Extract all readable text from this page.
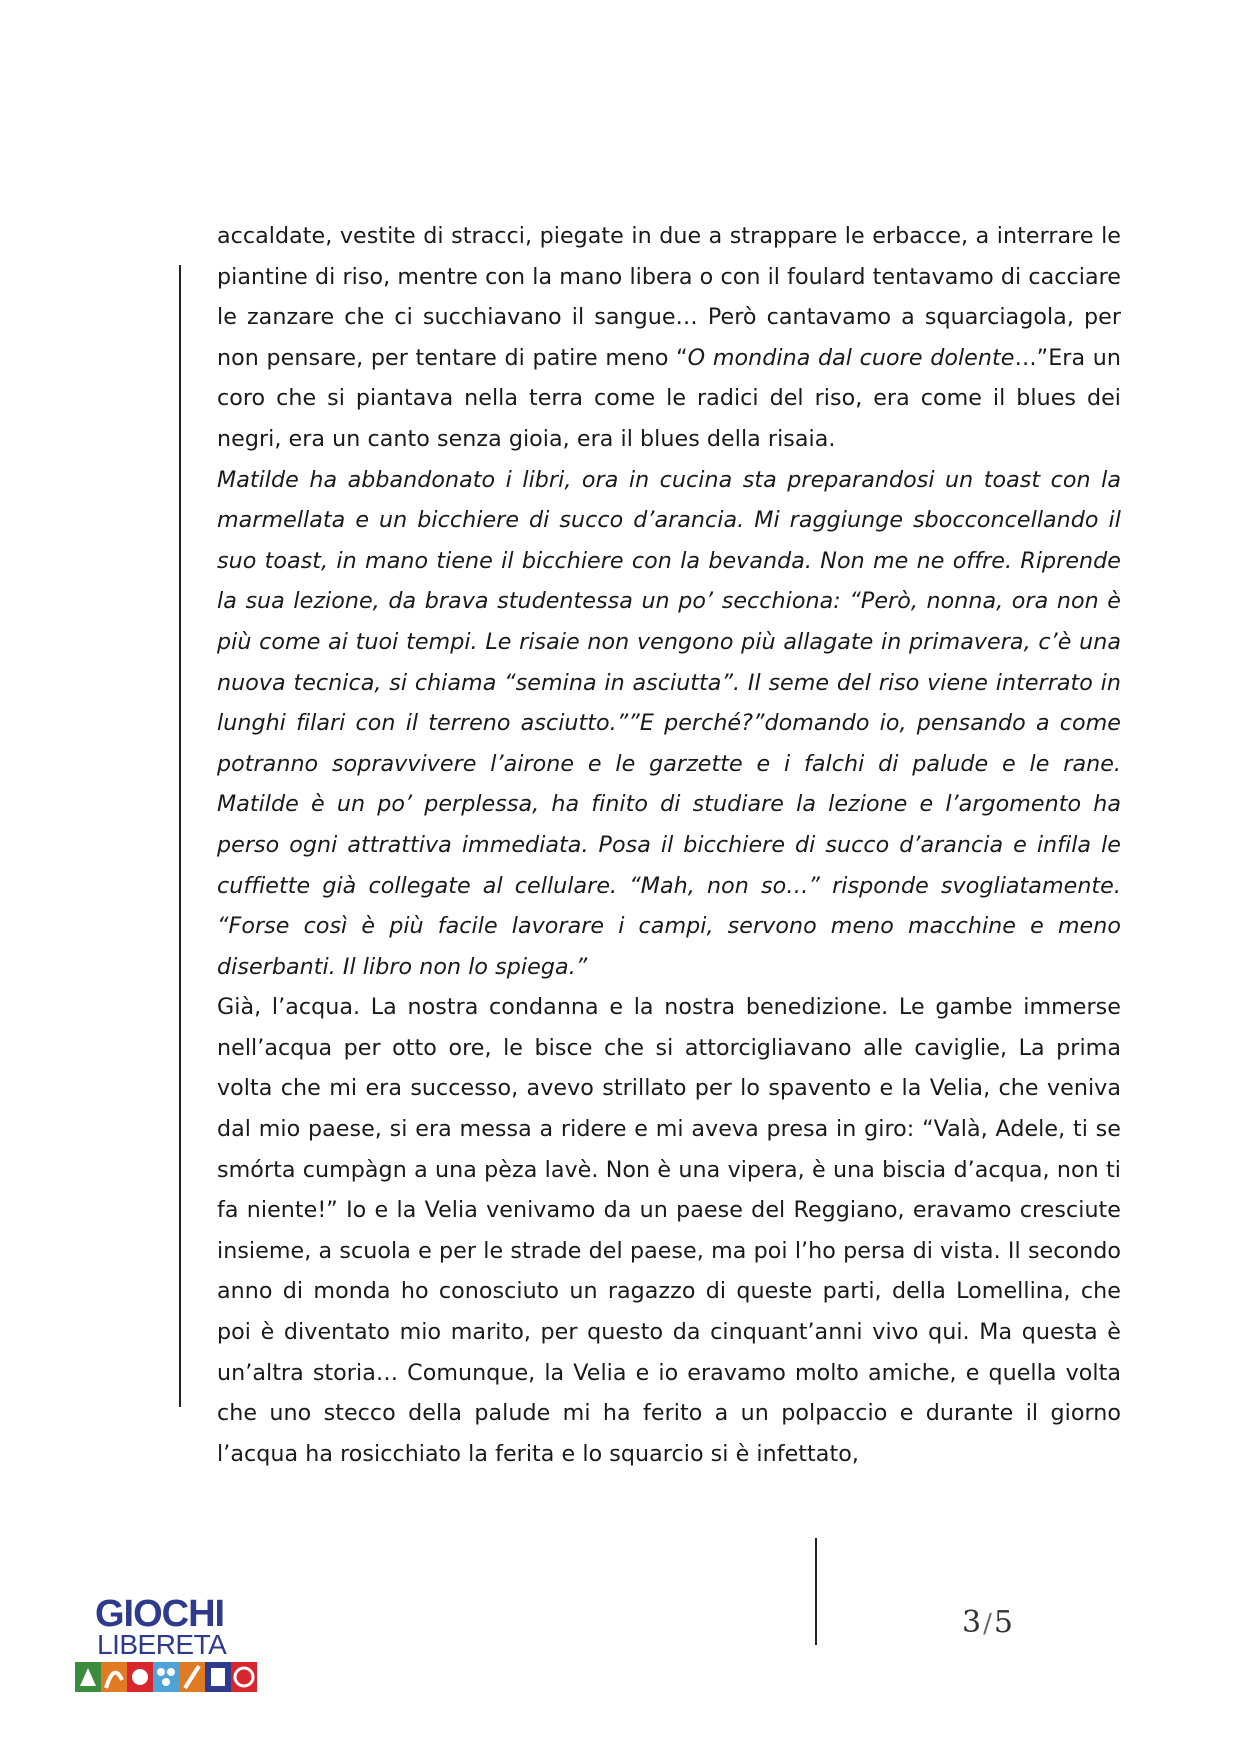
accaldate, vestite di stracci, piegate in due a strappare le erbacce, a interrare le piantine di riso, mentre con la mano libera o con il foulard tentavamo di cacciare le zanzare che ci succhiavano il sangue… Però cantavamo a squarciagola, per non pensare, per tentare di patire meno “O mondina dal cuore dolente…”Era un coro che si piantava nella terra come le radici del riso, era come il blues dei negri, era un canto senza gioia, era il blues della risaia.

Matilde ha abbandonato i libri, ora in cucina sta preparandosi un toast con la marmellata e un bicchiere di succo d’arancia. Mi raggiunge sbocconcellando il suo toast, in mano tiene il bicchiere con la bevanda. Non me ne offre. Riprende la sua lezione, da brava studentessa un po’ secchiona: “Però, nonna, ora non è più come ai tuoi tempi. Le risaie non vengono più allagate in primavera, c’è una nuova tecnica, si chiama “semina in asciutta”. Il seme del riso viene interrato in lunghi filari con il terreno asciutto.””E perché?”domando io, pensando a come potranno sopravvivere l’airone e le garzette e i falchi di palude e le rane. Matilde è un po’ perplessa, ha finito di studiare la lezione e l’argomento ha perso ogni attrattiva immediata. Posa il bicchiere di succo d’arancia e infila le cuffiette già collegate al cellulare. “Mah, non so…” risponde svogliatamente. “Forse così è più facile lavorare i campi, servono meno macchine e meno diserbanti. Il libro non lo spiega.”

Già, l’acqua. La nostra condanna e la nostra benedizione. Le gambe immerse nell’acqua per otto ore, le bisce che si attorcigliavano alle caviglie, La prima volta che mi era successo, avevo strillato per lo spavento e la Velia, che veniva dal mio paese, si era messa a ridere e mi aveva presa in giro: “Valà, Adele, ti se smórta cumpàgn a una pèza lavè. Non è una vipera, è una biscia d’acqua, non ti fa niente!” Io e la Velia venivamo da un paese del Reggiano, eravamo cresciute insieme, a scuola e per le strade del paese, ma poi l’ho persa di vista. Il secondo anno di monda ho conosciuto un ragazzo di queste parti, della Lomellina, che poi è diventato mio marito, per questo da cinquant’anni vivo qui. Ma questa è un’altra storia… Comunque, la Velia e io eravamo molto amiche, e quella volta che uno stecco della palude mi ha ferito a un polpaccio e durante il giorno l’acqua ha rosicchiato la ferita e lo squarcio si è infettato,

3/5
GIOCHI
LIBERETA
